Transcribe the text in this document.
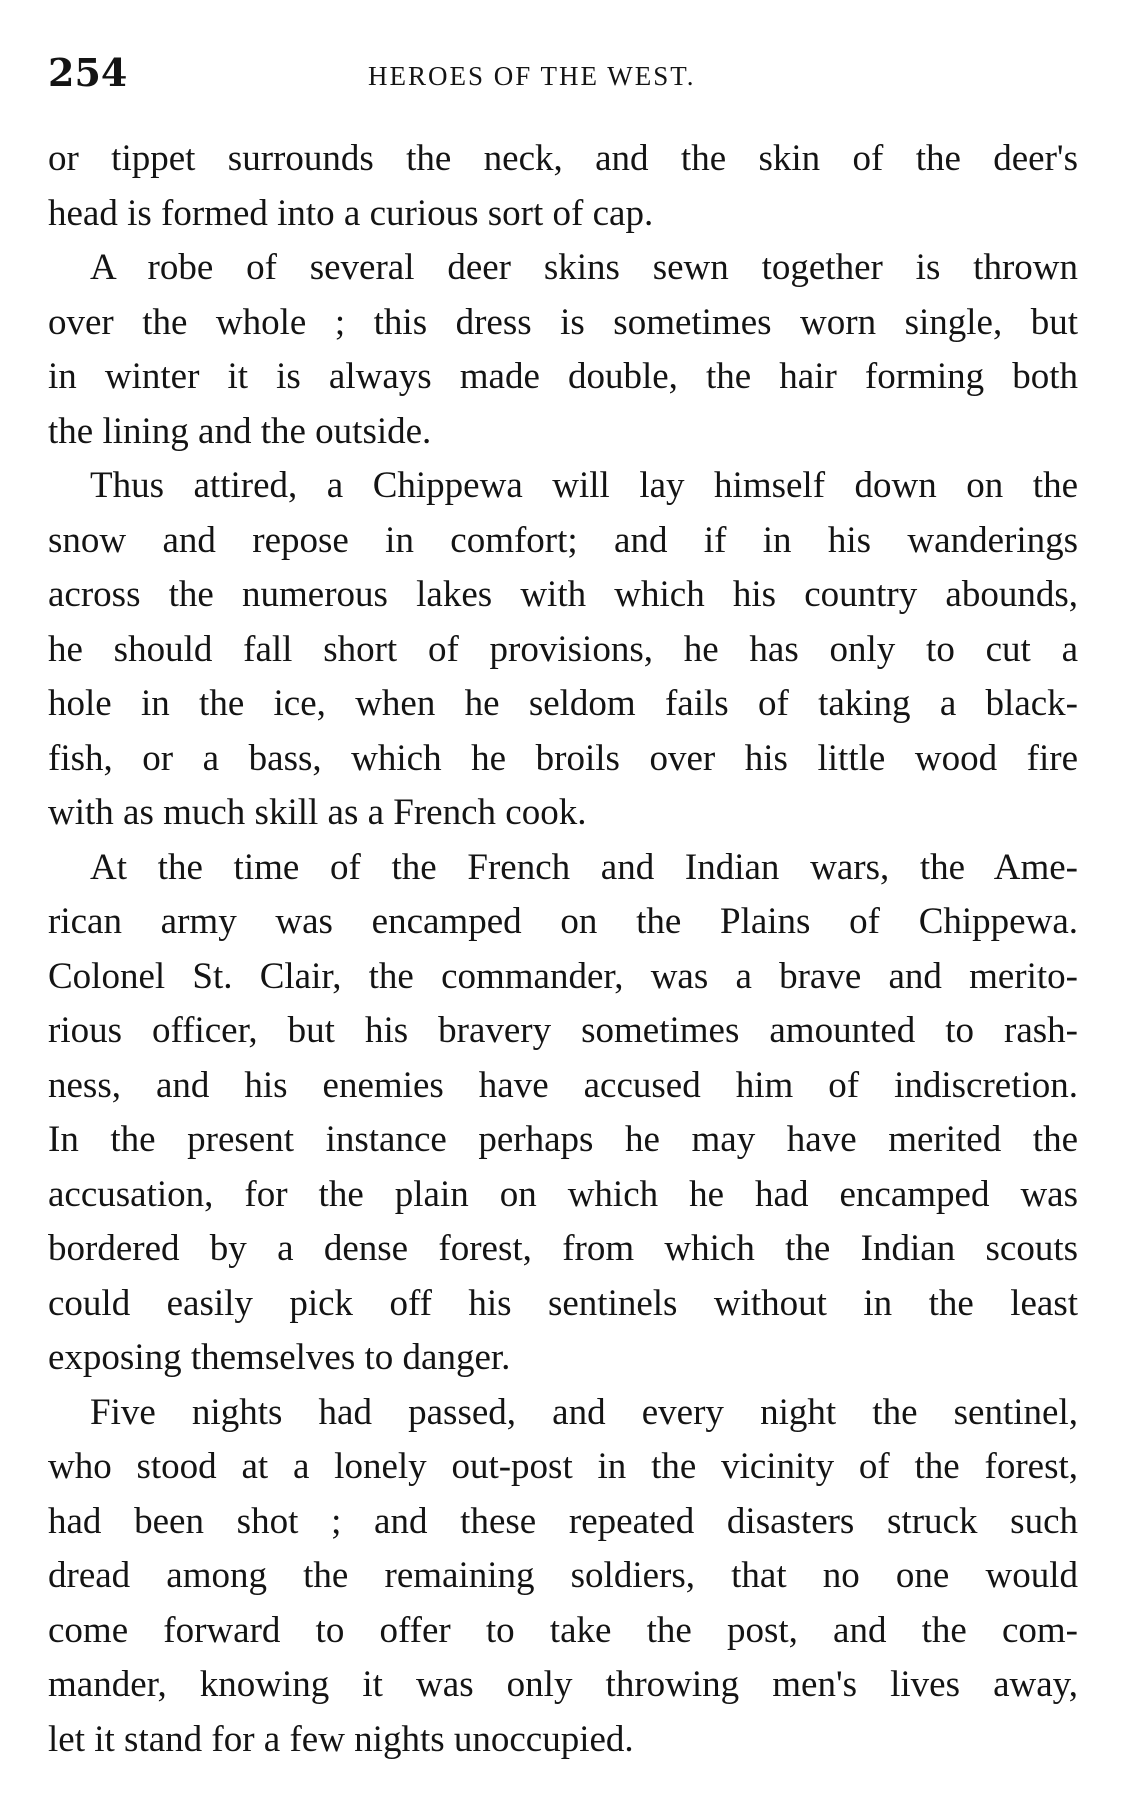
254	HEROES OF THE WEST.

or tippet surrounds the neck, and the skin of the deer's
head is formed into a curious sort of cap.

A robe of several deer skins sewn together is thrown
over the whole ; this dress is sometimes worn single, but
in winter it is always made double, the hair forming both
the lining and the outside.

Thus attired, a Chippewa will lay himself down on the
snow and repose in comfort; and if in his wanderings
across the numerous lakes with which his country abounds,
he should fall short of provisions, he has only to cut a
hole in the ice, when he seldom fails of taking a black-
fish, or a bass, which he broils over his little wood fire
with as much skill as a French cook.

At the time of the French and Indian wars, the Ame-
rican army was encamped on the Plains of Chippewa.
Colonel St. Clair, the commander, was a brave and merito-
rious officer, but his bravery sometimes amounted to rash-
ness, and his enemies have accused him of indiscretion.
In the present instance perhaps he may have merited the
accusation, for the plain on which he had encamped was
bordered by a dense forest, from which the Indian scouts
could easily pick off his sentinels without in the least
exposing themselves to danger.

Five nights had passed, and every night the sentinel,
who stood at a lonely out-post in the vicinity of the forest,
had been shot ; and these repeated disasters struck such
dread among the remaining soldiers, that no one would
come forward to offer to take the post, and the com-
mander, knowing it was only throwing men's lives away,
let it stand for a few nights unoccupied.
